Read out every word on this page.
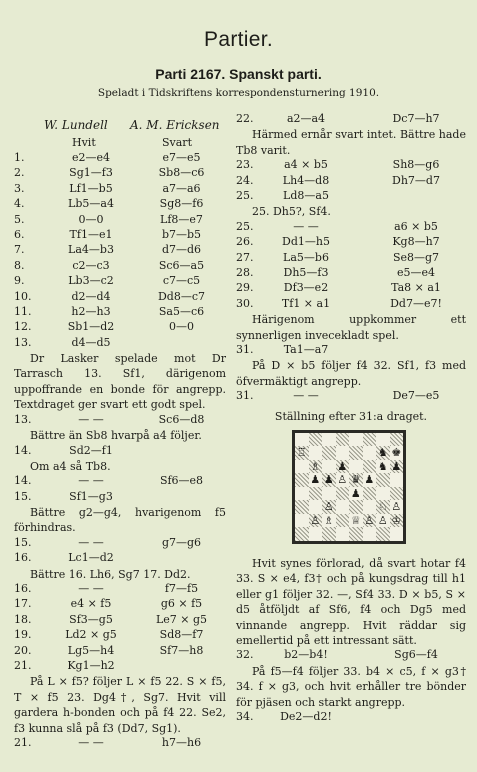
Partier.
Parti 2167. Spanskt parti.
Speladt i Tidskriftens korrespondensturnering 1910.
W. Lundell A. M. Ericksen
Hvit	Svart
1.	e2—e4	e7—e5
2.	Sg1—f3	Sb8—c6
3.	Lf1—b5	a7—a6
4.	Lb5—a4	Sg8—f6
5.	0—0	Lf8—e7
6.	Tf1—e1	b7—b5
7.	La4—b3	d7—d6
8.	c2—c3	Sc6—a5
9.	Lb3—c2	c7—c5
10.	d2—d4	Dd8—c7
11.	h2—h3	Sa5—c6
12.	Sb1—d2	0—0
13.	d4—d5

Dr Lasker spelade mot Dr Tarrasch 13. Sf1, därigenom uppoffrande en bonde för angrepp. Textdraget ger svart ett godt spel.

13.	— —	Sc6—d8

Bättre än Sb8 hvarpå a4 följer.

14.	Sd2—f1

Om a4 så Tb8.

14.	— —	Sf6—e8
15.	Sf1—g3

Bättre g2—g4, hvarigenom f5 förhindras.

15.	— —	g7—g6
16.	Lc1—d2

Bättre 16. Lh6, Sg7 17. Dd2.

16.	— —	f7—f5
17.	e4 × f5	g6 × f5
18.	Sf3—g5	Le7 × g5
19.	Ld2 × g5	Sd8—f7
20.	Lg5—h4	Sf7—h8
21.	Kg1—h2

På L × f5? följer L × f5 22. S × f5, T × f5 23. Dg4†, Sg7. Hvit vill gardera h-bonden och på f4 22. Se2, f3 kunna slå på f3 (Dd7, Sg1).

21.	— —	h7—h6
22.	a2—a4	Dc7—h7

Härmed ernår svart intet. Bättre hade Tb8 varit.

23.	a4 × b5	Sh8—g6
24.	Lh4—d8	Dh7—d7
25.	Ld8—a5

25. Dh5?, Sf4.

25.	— —	a6 × b5
26.	Dd1—h5	Kg8—h7
27.	La5—b6	Se8—g7
28.	Dh5—f3	e5—e4
29.	Df3—e2	Ta8 × a1
30.	Tf1 × a1	Dd7—e7!

Härigenom uppkommer ett synnerligen invecekladt spel.

31.	Ta1—a7

På D × b5 följer f4 32. Sf1, f3 med öfvermäktigt angrepp.

31.	— —	De7—e5
Ställning efter 31:a draget.
♖	♞ ♚
♗ ♟	♞ ♟
♟ ♟ ♙ ♛ ♟
♟
♙	♘ ♙
♙ ♗ ♕ ♙ ♙ ♔

Hvit synes förlorad, då svart hotar f4 33. S × e4, f3† och på kungsdrag till h1 eller g1 följer 32. —, Sf4 33. D × b5, S × d5 åtföljdt af Sf6, f4 och Dg5 med vinnande angrepp. Hvit räddar sig emellertid på ett intressant sätt.

32.	b2—b4!	Sg6—f4

På f5—f4 följer 33. b4 × c5, f × g3† 34. f × g3, och hvit erhåller tre bönder för pjäsen och starkt angrepp.

34.	De2—d2!
